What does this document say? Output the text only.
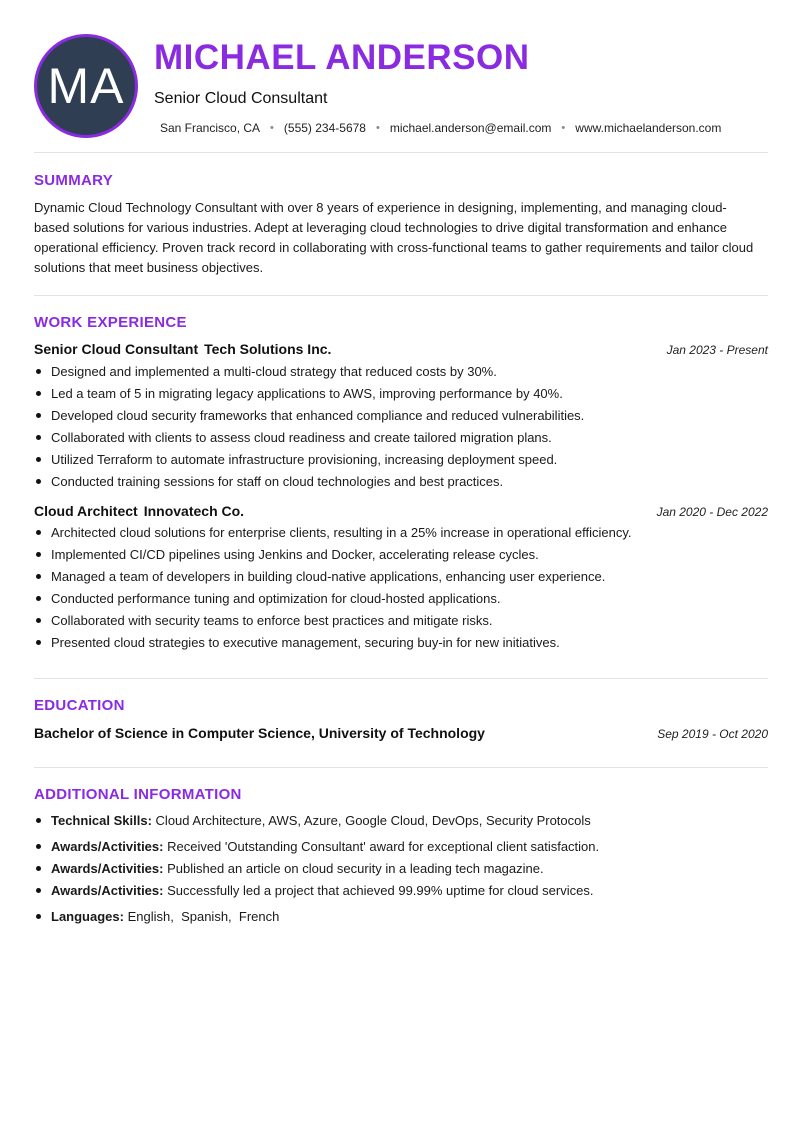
MA
MICHAEL ANDERSON
Senior Cloud Consultant
San Francisco, CA • (555) 234-5678 • michael.anderson@email.com • www.michaelanderson.com
SUMMARY
Dynamic Cloud Technology Consultant with over 8 years of experience in designing, implementing, and managing cloud-based solutions for various industries. Adept at leveraging cloud technologies to drive digital transformation and enhance operational efficiency. Proven track record in collaborating with cross-functional teams to gather requirements and tailor cloud solutions that meet business objectives.
WORK EXPERIENCE
Senior Cloud Consultant Tech Solutions Inc.	Jan 2023 - Present
Designed and implemented a multi-cloud strategy that reduced costs by 30%.
Led a team of 5 in migrating legacy applications to AWS, improving performance by 40%.
Developed cloud security frameworks that enhanced compliance and reduced vulnerabilities.
Collaborated with clients to assess cloud readiness and create tailored migration plans.
Utilized Terraform to automate infrastructure provisioning, increasing deployment speed.
Conducted training sessions for staff on cloud technologies and best practices.
Cloud Architect Innovatech Co.	Jan 2020 - Dec 2022
Architected cloud solutions for enterprise clients, resulting in a 25% increase in operational efficiency.
Implemented CI/CD pipelines using Jenkins and Docker, accelerating release cycles.
Managed a team of developers in building cloud-native applications, enhancing user experience.
Conducted performance tuning and optimization for cloud-hosted applications.
Collaborated with security teams to enforce best practices and mitigate risks.
Presented cloud strategies to executive management, securing buy-in for new initiatives.
EDUCATION
Bachelor of Science in Computer Science, University of Technology	Sep 2019 - Oct 2020
ADDITIONAL INFORMATION
Technical Skills: Cloud Architecture, AWS, Azure, Google Cloud, DevOps, Security Protocols
Awards/Activities: Received 'Outstanding Consultant' award for exceptional client satisfaction.
Awards/Activities: Published an article on cloud security in a leading tech magazine.
Awards/Activities: Successfully led a project that achieved 99.99% uptime for cloud services.
Languages: English,  Spanish,  French
